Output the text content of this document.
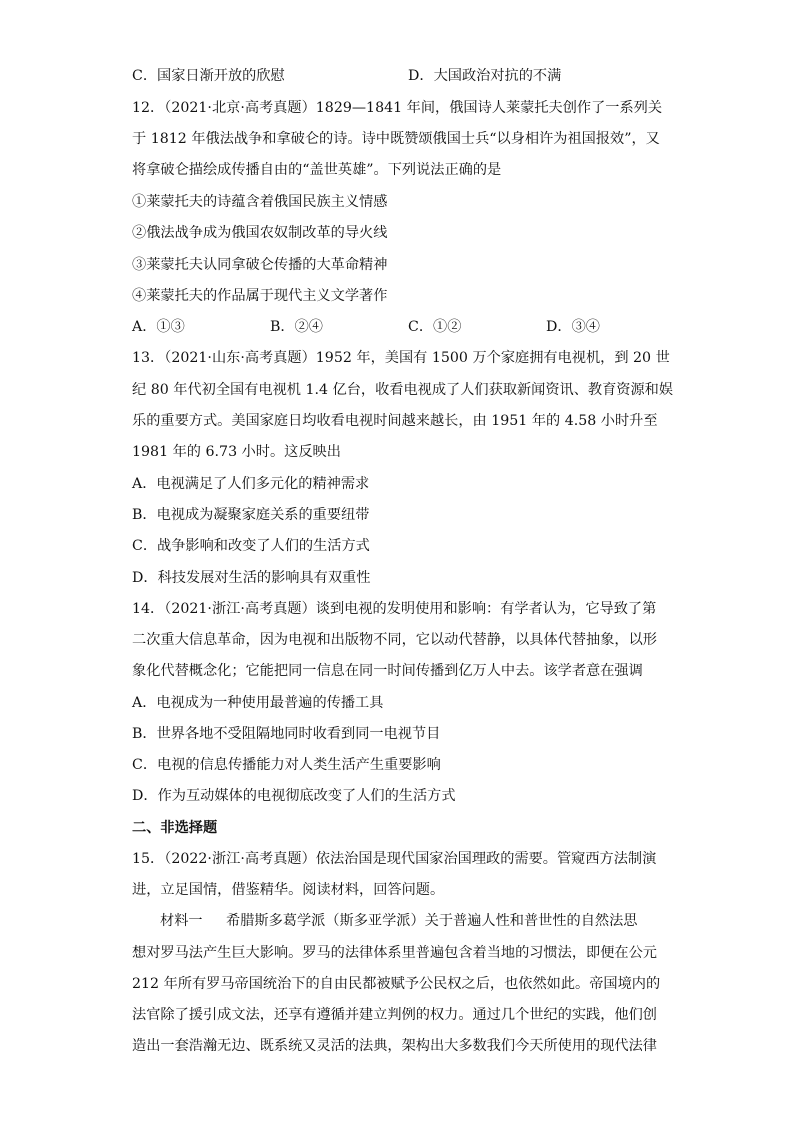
C．国家日渐开放的欣慰	D．大国政治对抗的不满
12．（2021·北京·高考真题）1829—1841 年间，俄国诗人莱蒙托夫创作了一系列关
于 1812 年俄法战争和拿破仑的诗。诗中既赞颂俄国士兵“以身相许为祖国报效”，又
将拿破仑描绘成传播自由的“盖世英雄”。下列说法正确的是
①莱蒙托夫的诗蕴含着俄国民族主义情感
②俄法战争成为俄国农奴制改革的导火线
③莱蒙托夫认同拿破仑传播的大革命精神
④莱蒙托夫的作品属于现代主义文学著作
A．①③	B．②④	C．①②	D．③④
13．（2021·山东·高考真题）1952 年，美国有 1500 万个家庭拥有电视机，到 20 世
纪 80 年代初全国有电视机 1.4 亿台，收看电视成了人们获取新闻资讯、教育资源和娱
乐的重要方式。美国家庭日均收看电视时间越来越长，由 1951 年的 4.58 小时升至
1981 年的 6.73 小时。这反映出
A．电视满足了人们多元化的精神需求
B．电视成为凝聚家庭关系的重要纽带
C．战争影响和改变了人们的生活方式
D．科技发展对生活的影响具有双重性
14．（2021·浙江·高考真题）谈到电视的发明使用和影响：有学者认为，它导致了第
二次重大信息革命，因为电视和出版物不同，它以动代替静，以具体代替抽象，以形
象化代替概念化；它能把同一信息在同一时间传播到亿万人中去。该学者意在强调
A．电视成为一种使用最普遍的传播工具
B．世界各地不受阻隔地同时收看到同一电视节目
C．电视的信息传播能力对人类生活产生重要影响
D．作为互动媒体的电视彻底改变了人们的生活方式
二、非选择题
15．（2022·浙江·高考真题）依法治国是现代国家治国理政的需要。管窥西方法制演
进，立足国情，借鉴精华。阅读材料，回答问题。
材料一 希腊斯多葛学派（斯多亚学派）关于普遍人性和普世性的自然法思
想对罗马法产生巨大影响。罗马的法律体系里普遍包含着当地的习惯法，即便在公元
212 年所有罗马帝国统治下的自由民都被赋予公民权之后，也依然如此。帝国境内的
法官除了援引成文法，还享有遵循并建立判例的权力。通过几个世纪的实践，他们创
造出一套浩瀚无边、既系统又灵活的法典，架构出大多数我们今天所使用的现代法律
